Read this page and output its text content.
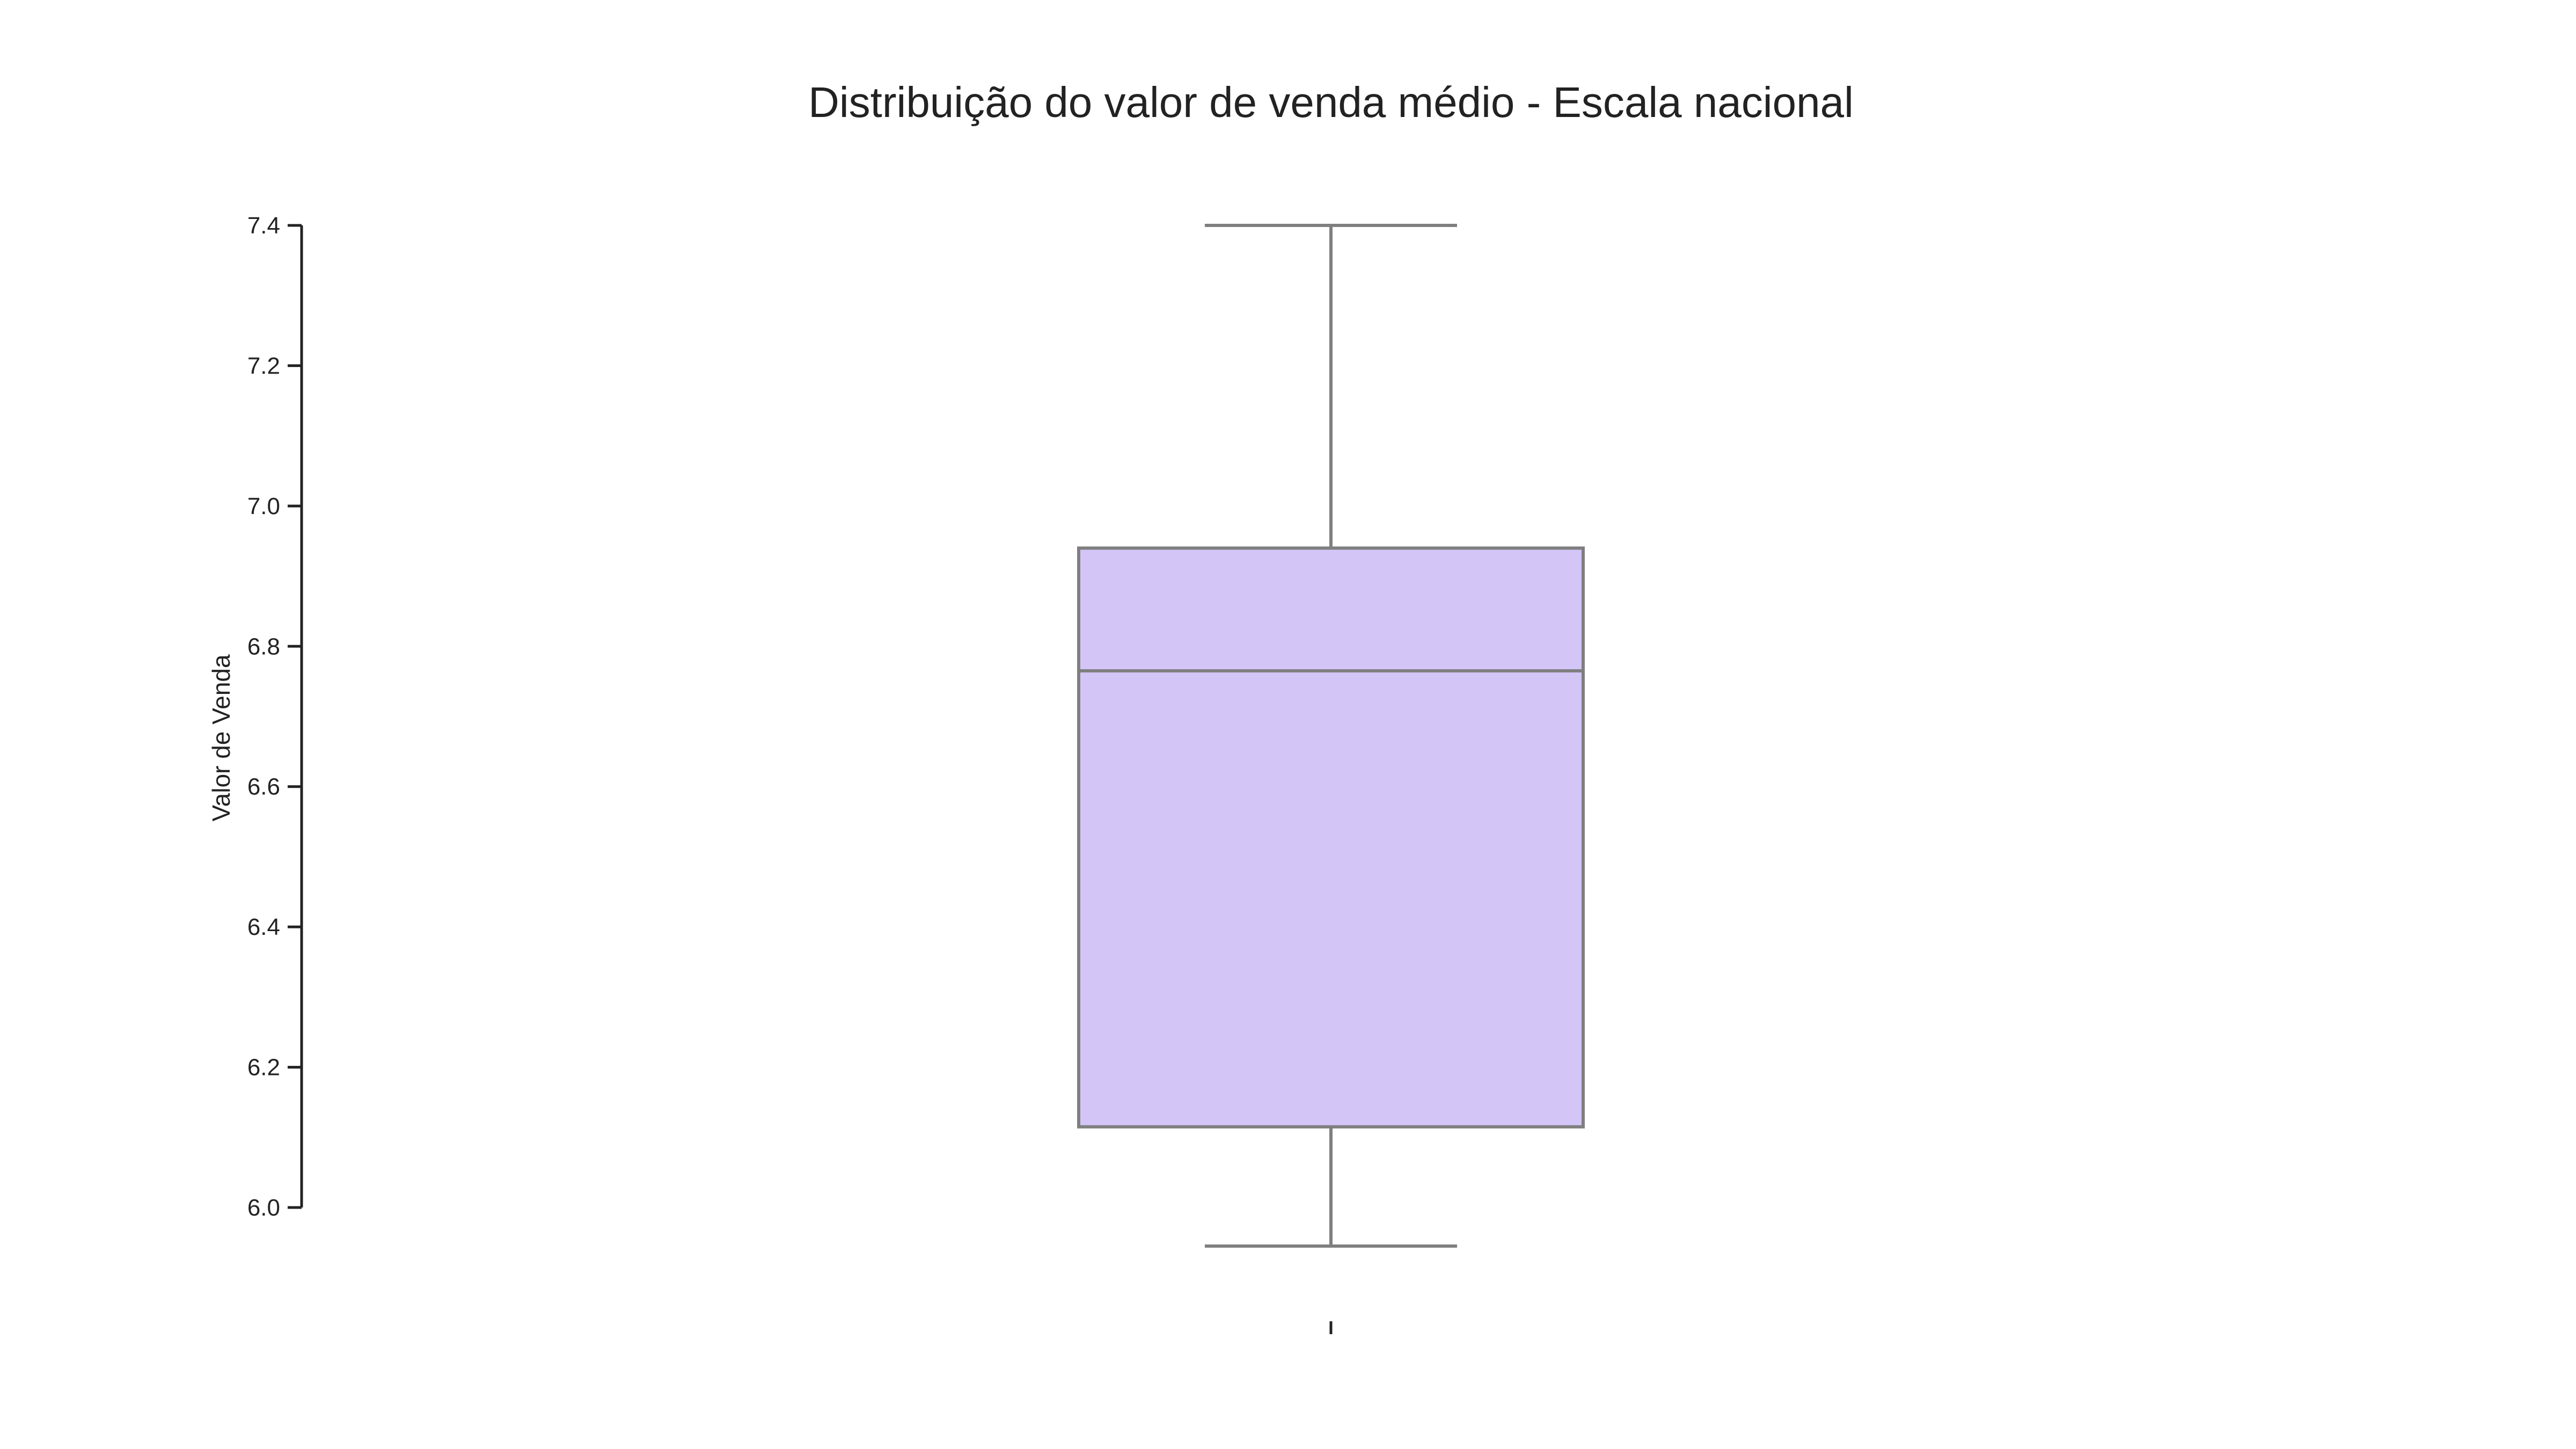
Distribuição do valor de venda médio - Escala nacional
Valor de Venda
6.0
6.2
6.4
6.6
6.8
7.0
7.2
7.4
